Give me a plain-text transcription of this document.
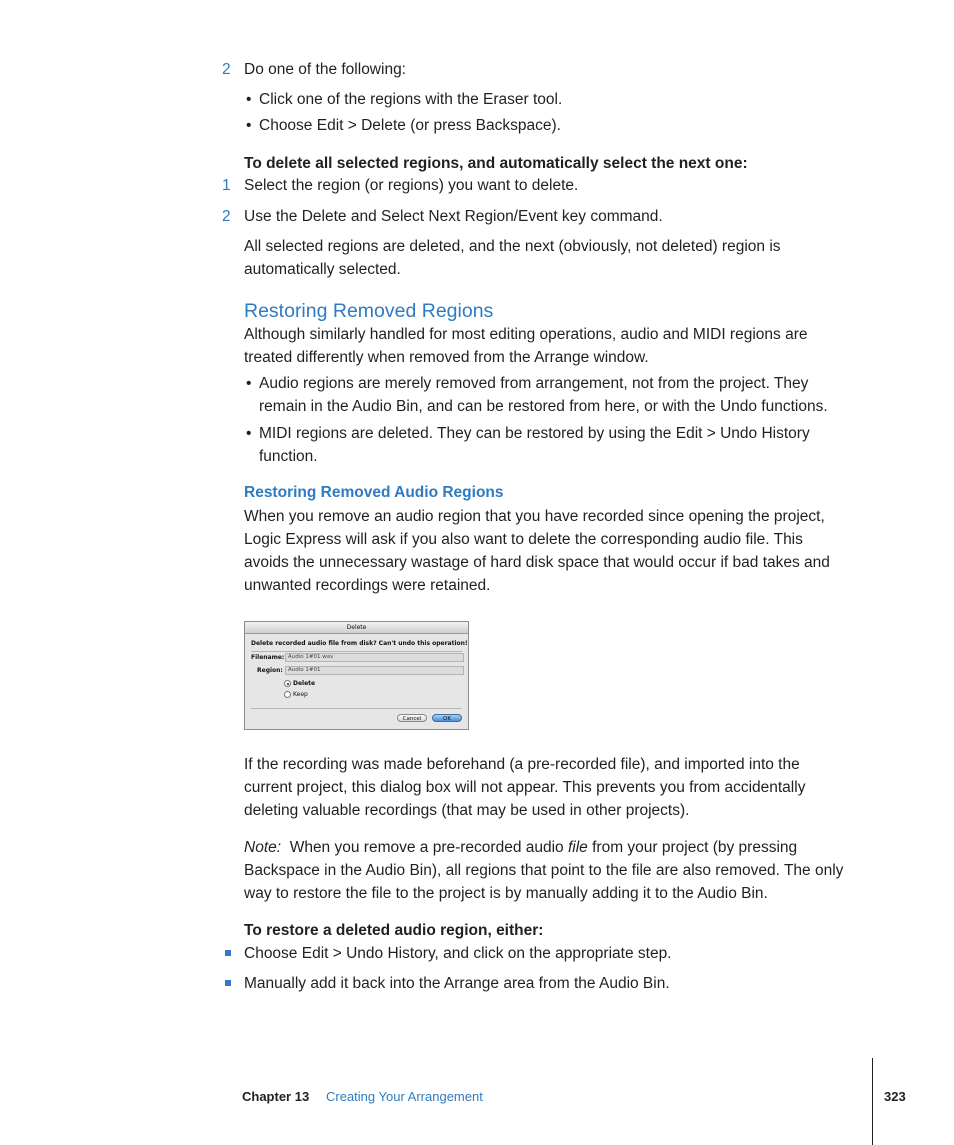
2 Do one of the following:
• Click one of the regions with the Eraser tool.
• Choose Edit > Delete (or press Backspace).
To delete all selected regions, and automatically select the next one:
1 Select the region (or regions) you want to delete.
2 Use the Delete and Select Next Region/Event key command.
All selected regions are deleted, and the next (obviously, not deleted) region is
automatically selected.
Restoring Removed Regions
Although similarly handled for most editing operations, audio and MIDI regions are
treated differently when removed from the Arrange window.
• Audio regions are merely removed from arrangement, not from the project. They
remain in the Audio Bin, and can be restored from here, or with the Undo functions.
• MIDI regions are deleted. They can be restored by using the Edit > Undo History
function.
Restoring Removed Audio Regions
When you remove an audio region that you have recorded since opening the project,
Logic Express will ask if you also want to delete the corresponding audio file. This
avoids the unnecessary wastage of hard disk space that would occur if bad takes and
unwanted recordings were retained.
Delete
Delete recorded audio file from disk? Can't undo this operation!
Filename: Audio 1#01.wav
Region: Audio 1#01
Delete
Keep
Cancel	OK
If the recording was made beforehand (a pre-recorded file), and imported into the
current project, this dialog box will not appear. This prevents you from accidentally
deleting valuable recordings (that may be used in other projects).
Note: When you remove a pre-recorded audio file from your project (by pressing
Backspace in the Audio Bin), all regions that point to the file are also removed. The only
way to restore the file to the project is by manually adding it to the Audio Bin.
To restore a deleted audio region, either:
Choose Edit > Undo History, and click on the appropriate step.
Manually add it back into the Arrange area from the Audio Bin.
Chapter 13 Creating Your Arrangement	323
